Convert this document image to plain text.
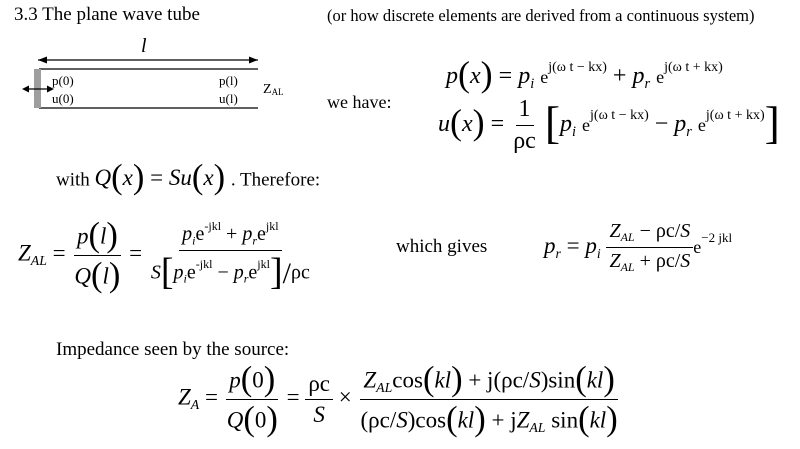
3.3 The plane wave tube	(or how discrete elements are derived from a continuous system)
l
p(0)
u(0)
p(l)
u(l)
ZAL we have:
$p(x) = p_i$ $e^{j(\omega t - kx)} + p_r$ $e^{j(\omega t + kx)}$
$u(x) = \frac{1}{\rho c} [p_i$ $e^{j(\omega t - kx)} - p_r$ $e^{j(\omega t + kx)}$]
with Q(x) = Su(x) . Therefore:
$Z_{AL} = \frac{p(l)}{Q(l)} = \frac{p_ie^{-jkl} + p_re^{jkl}}{S[p_ie^{-jkl} - p_re^{jkl}]/\rho c}$	which gives $p_r = p_i \frac{Z_{AL} - \rho c/S}{Z_{AL} + \rho c/S} e^{-2 jkl}$
Impedance seen by the source:
$Z_A = \frac{p(0)}{Q(0)} = \frac{\rho c}{S} \times \frac{Z_{AL}\cos(kl) + j(\rho c/S)\sin(kl)}{(\rho c/S)\cos(kl) + jZ_{AL} \sin(kl)}$
